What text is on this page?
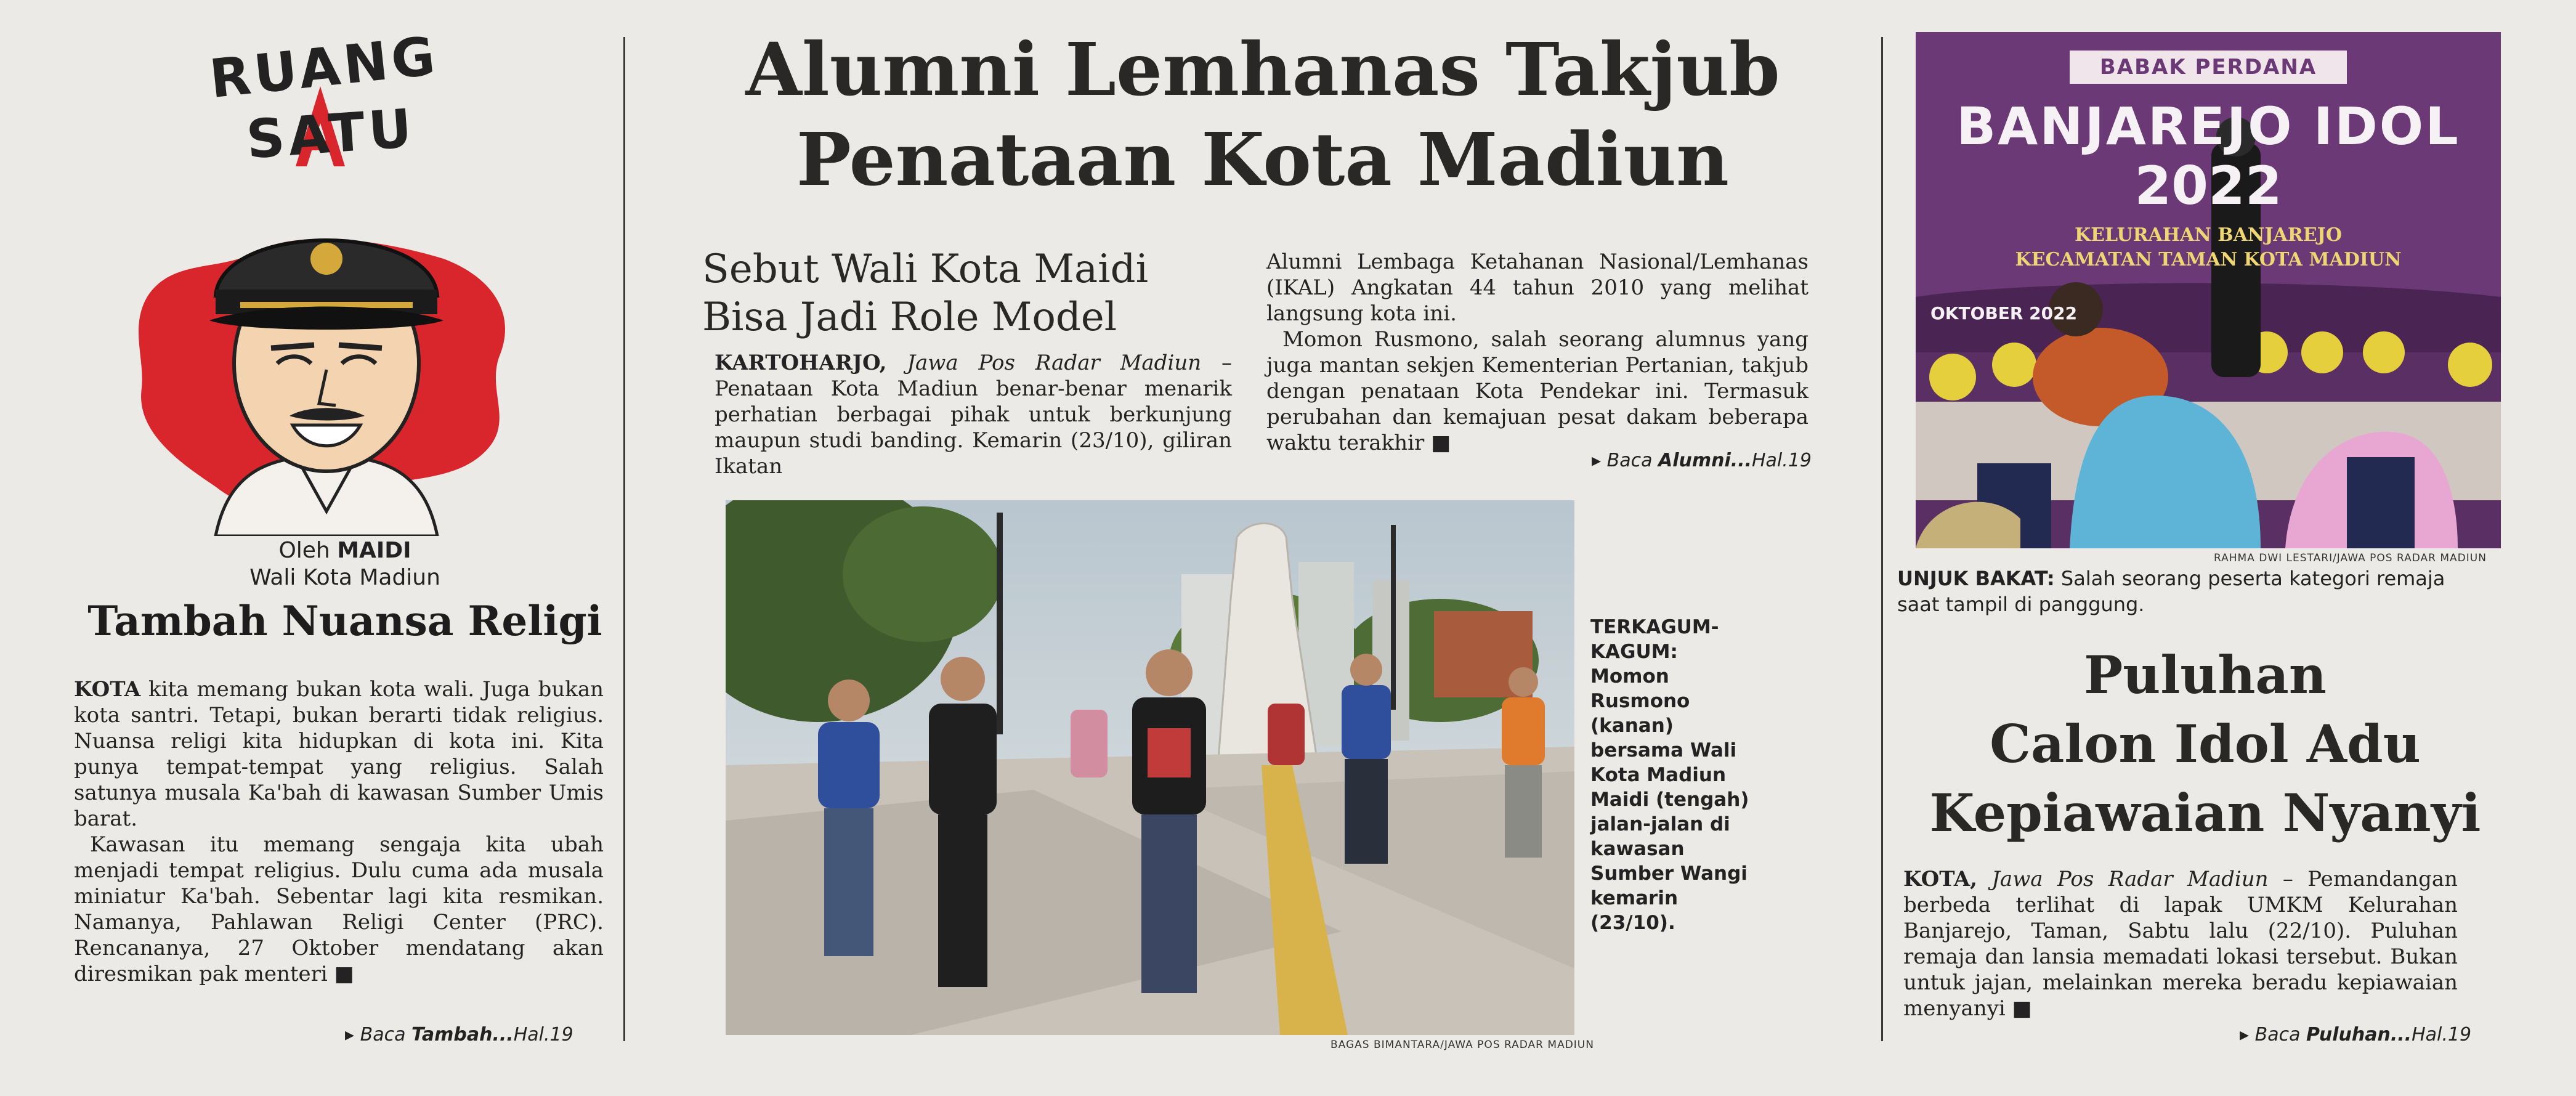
RUANG
SATU
Oleh MAIDI
Wali Kota Madiun
Tambah Nuansa Religi

KOTA kita memang bukan kota wali. Juga bukan kota santri. Tetapi, bukan berarti tidak religius. Nuansa religi kita hidupkan di kota ini. Kita punya tempat-tempat yang religius. Salah satunya musala Ka'bah di kawasan Sumber Umis barat.

Kawasan itu memang sengaja kita ubah menjadi tempat religius. Dulu cuma ada musala miniatur Ka'bah. Sebentar lagi kita resmikan. Namanya, Pahlawan Religi Center (PRC). Rencananya, 27 Oktober mendatang akan diresmikan pak menteri ■

▸ Baca Tambah...Hal.19
Alumni Lemhanas Takjub
Penataan Kota Madiun
Sebut Wali Kota Maidi
Bisa Jadi Role Model

KARTOHARJO, Jawa Pos Radar Madiun – Penataan Kota Madiun benar-benar menarik perhatian berbagai pihak untuk berkunjung maupun studi banding. Kemarin (23/10), giliran Ikatan

Alumni Lembaga Ketahanan Nasional/Lemhanas (IKAL) Angkatan 44 tahun 2010 yang melihat langsung kota ini.

Momon Rusmono, salah seorang alumnus yang juga mantan sekjen Kementerian Pertanian, takjub dengan penataan Kota Pendekar ini. Termasuk perubahan dan kemajuan pesat dakam beberapa waktu terakhir ■

▸ Baca Alumni...Hal.19
BAGAS BIMANTARA/JAWA POS RADAR MADIUN
TERKAGUM-KAGUM:
Momon Rusmono (kanan) bersama Wali Kota Madiun Maidi (tengah) jalan-jalan di kawasan Sumber Wangi kemarin (23/10).
BABAK PERDANA
BANJAREJO IDOL
2022
KELURAHAN BANJAREJO
KECAMATAN TAMAN KOTA MADIUN
OKTOBER 2022
RAHMA DWI LESTARI/JAWA POS RADAR MADIUN
UNJUK BAKAT: Salah seorang peserta kategori remaja saat tampil di panggung.
Puluhan
Calon Idol Adu
Kepiawaian Nyanyi

KOTA, Jawa Pos Radar Madiun – Pemandangan berbeda terlihat di lapak UMKM Kelurahan Banjarejo, Taman, Sabtu lalu (22/10). Puluhan remaja dan lansia memadati lokasi tersebut. Bukan untuk jajan, melainkan mereka beradu kepiawaian menyanyi ■

▸ Baca Puluhan...Hal.19
